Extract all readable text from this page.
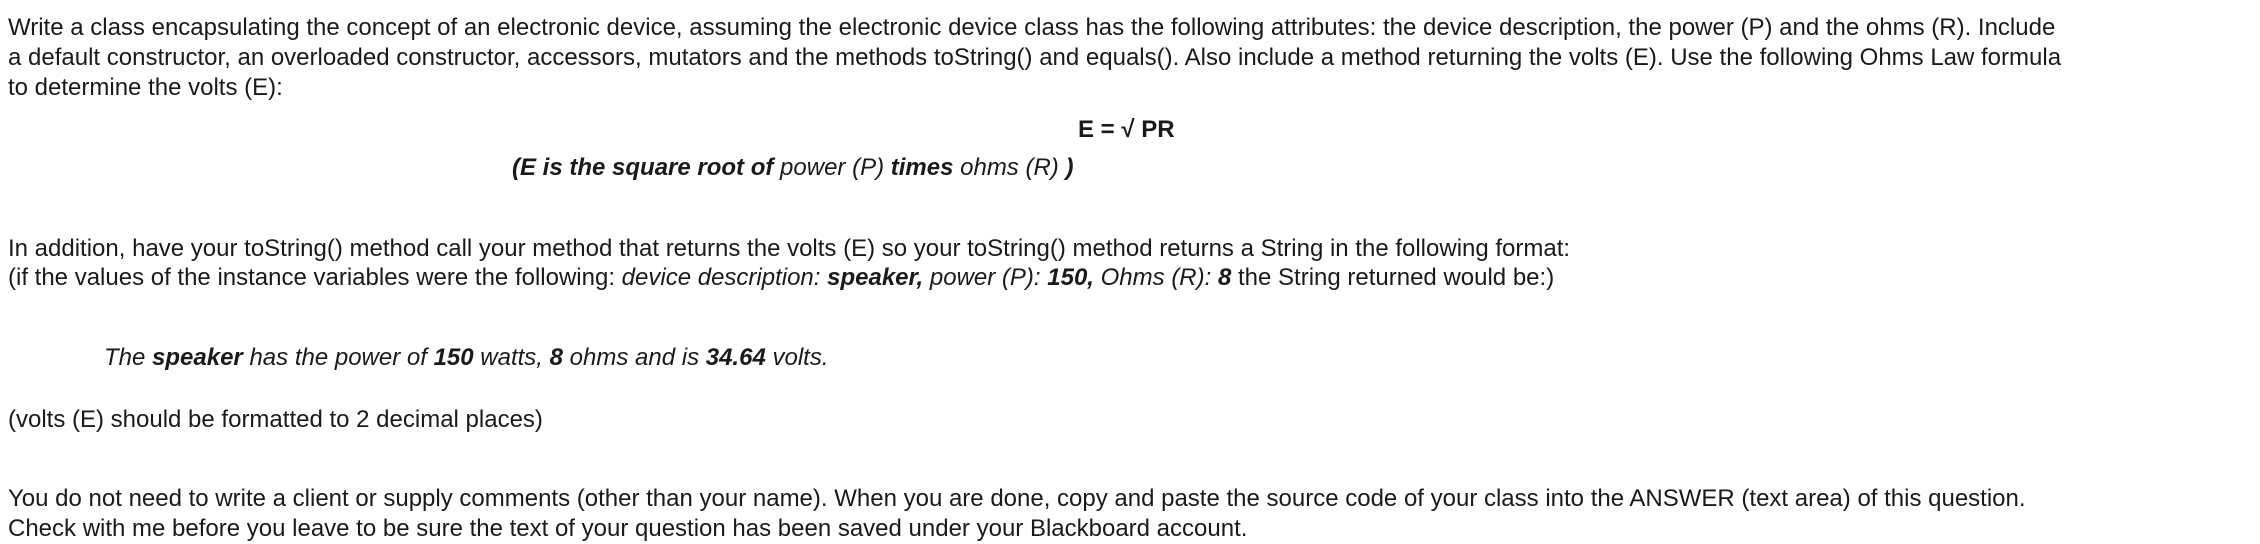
Write a class encapsulating the concept of an electronic device, assuming the electronic device class has the following attributes: the device description, the power (P) and the ohms (R). Include
a default constructor, an overloaded constructor, accessors, mutators and the methods toString() and equals(). Also include a method returning the volts (E). Use the following Ohms Law formula
to determine the volts (E):
E = √ PR
(E is the square root of power (P) times ohms (R) )
In addition, have your toString() method call your method that returns the volts (E) so your toString() method returns a String in the following format:
(if the values of the instance variables were the following: device description: speaker, power (P): 150, Ohms (R): 8 the String returned would be:)
The speaker has the power of 150 watts, 8 ohms and is 34.64 volts.
(volts (E) should be formatted to 2 decimal places)
You do not need to write a client or supply comments (other than your name). When you are done, copy and paste the source code of your class into the ANSWER (text area) of this question.
Check with me before you leave to be sure the text of your question has been saved under your Blackboard account.
